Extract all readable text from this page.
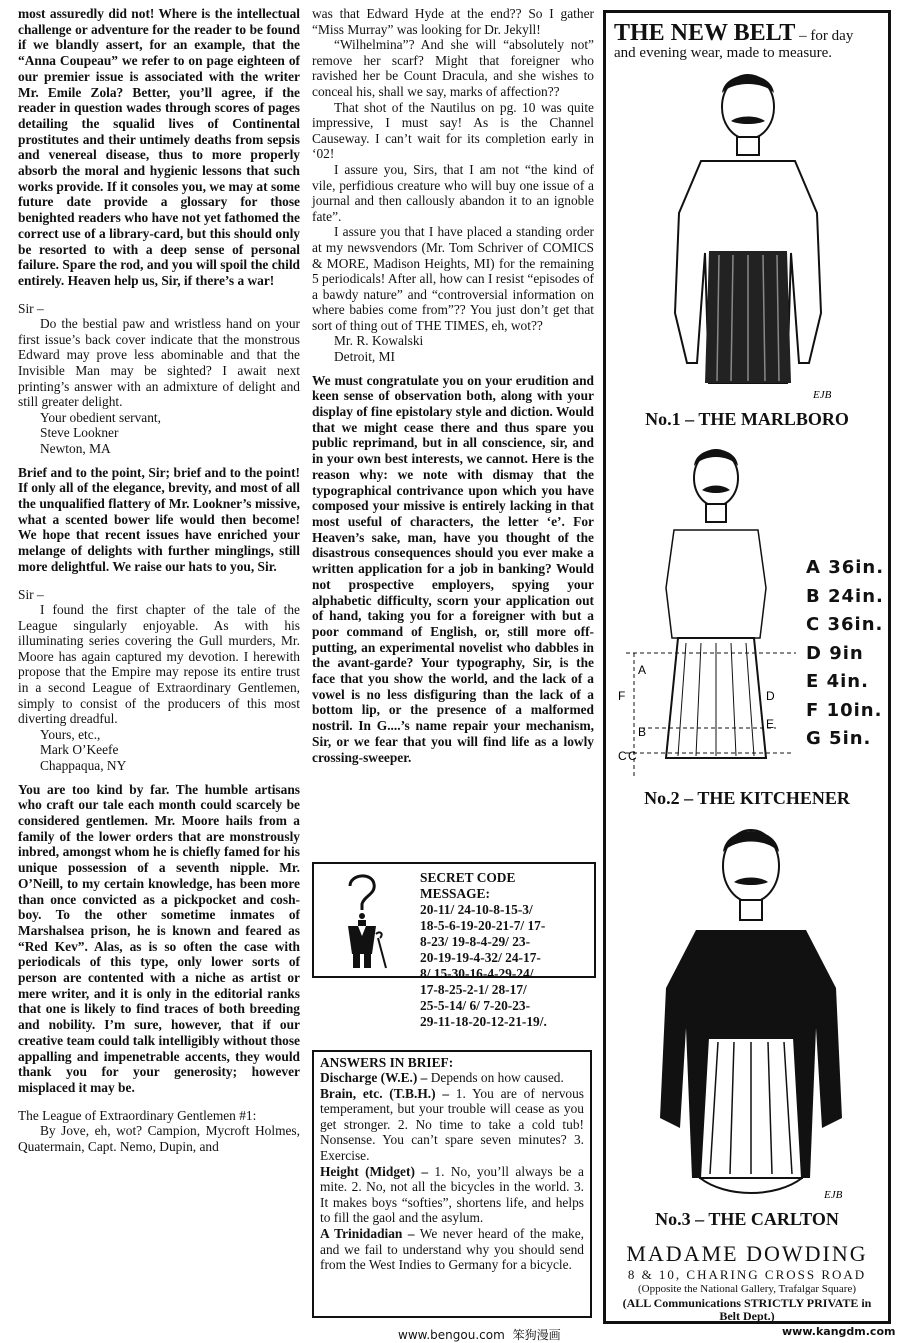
most assuredly did not! Where is the intellectual challenge or adventure for the reader to be found if we blandly assert, for an example, that the “Anna Coupeau” we refer to on page eighteen of our premier issue is associated with the writer Mr. Emile Zola? Better, you’ll agree, if the reader in question wades through scores of pages detailing the squalid lives of Continental prostitutes and their untimely deaths from sepsis and venereal disease, thus to more properly absorb the moral and hygienic lessons that such works provide. If it consoles you, we may at some future date provide a glossary for those benighted readers who have not yet fathomed the correct use of a library-card, but this should only be resorted to with a deep sense of personal failure. Spare the rod, and you will spoil the child entirely. Heaven help us, Sir, if there’s a war!

Sir –

Do the bestial paw and wristless hand on your first issue’s back cover indicate that the monstrous Edward may prove less abominable and that the Invisible Man may be sighted? I await next printing’s answer with an admixture of delight and still greater delight.

Your obedient servant,
Steve Lookner
Newton, MA

Brief and to the point, Sir; brief and to the point! If only all of the elegance, brevity, and most of all the unqualified flattery of Mr. Lookner’s missive, what a scented bower life would then become! We hope that recent issues have enriched your melange of delights with further minglings, still more delightful. We raise our hats to you, Sir.

Sir –

I found the first chapter of the tale of the League singularly enjoyable. As with his illuminating series covering the Gull murders, Mr. Moore has again captured my devotion. I herewith propose that the Empire may repose its entire trust in a second League of Extraordinary Gentlemen, simply to consist of the producers of this most diverting dreadful.

Yours, etc.,
Mark O’Keefe
Chappaqua, NY

You are too kind by far. The humble artisans who craft our tale each month could scarcely be considered gentlemen. Mr. Moore hails from a family of the lower orders that are monstrously inbred, amongst whom he is chiefly famed for his unique possession of a seventh nipple. Mr. O’Neill, to my certain knowledge, has been more than once convicted as a pickpocket and cosh-boy. To the other sometime inmates of Marshalsea prison, he is known and feared as “Red Kev”. Alas, as is so often the case with periodicals of this type, only lower sorts of person are contented with a niche as artist or mere writer, and it is only in the editorial ranks that one is likely to find traces of both breeding and nobility. I’m sure, however, that if our creative team could talk intelligibly without those appalling and impenetrable accents, they would thank you for your generosity; however misplaced it may be.

The League of Extraordinary Gentlemen #1:

By Jove, eh, wot? Campion, Mycroft Holmes, Quatermain, Capt. Nemo, Dupin, and

was that Edward Hyde at the end?? So I gather “Miss Murray” was looking for Dr. Jekyll!

“Wilhelmina”? And she will “absolutely not” remove her scarf? Might that foreigner who ravished her be Count Dracula, and she wishes to conceal his, shall we say, marks of affection??

That shot of the Nautilus on pg. 10 was quite impressive, I must say! As is the Channel Causeway. I can’t wait for its completion early in ‘02!

I assure you, Sirs, that I am not “the kind of vile, perfidious creature who will buy one issue of a journal and then callously abandon it to an ignoble fate”.

I assure you that I have placed a standing order at my newsvendors (Mr. Tom Schriver of COMICS & MORE, Madison Heights, MI) for the remaining 5 periodicals! After all, how can I resist “episodes of a bawdy nature” and “controversial information on where babies come from”?? You just don’t get that sort of thing out of THE TIMES, eh, wot??

Mr. R. Kowalski
Detroit, MI

We must congratulate you on your erudition and keen sense of observation both, along with your display of fine epistolary style and diction. Would that we might cease there and thus spare you public reprimand, but in all conscience, sir, and in your own best interests, we cannot. Here is the reason why: we note with dismay that the typographical contrivance upon which you have composed your missive is entirely lacking in that most useful of characters, the letter ‘e’. For Heaven’s sake, man, have you thought of the disastrous consequences should you ever make a written application for a job in banking? Would not prospective employers, spying your alphabetic difficulty, scorn your application out of hand, taking you for a foreigner with but a poor command of English, or, still more off-putting, an experimental novelist who dabbles in the avant-garde? Your typography, Sir, is the face that you show the world, and the lack of a vowel is no less disfiguring than the lack of a bottom lip, or the presence of a malformed nostril. In G....’s name repair your mechanism, Sir, or we fear that you will find life as a lowly crossing-sweeper.

SECRET CODE
MESSAGE:
20-11/ 24-10-8-15-3/
18-5-6-19-20-21-7/ 17-
8-23/ 19-8-4-29/ 23-
20-19-19-4-32/ 24-17-
8/ 15-30-16-4-29-24/
17-8-25-2-1/ 28-17/
25-5-14/ 6/ 7-20-23-
29-11-18-20-12-21-19/.
ANSWERS IN BRIEF:

Discharge (W.E.) – Depends on how caused.

Brain, etc. (T.B.H.) – 1. You are of nervous temperament, but your trouble will cease as you get stronger. 2. No time to take a cold tub! Nonsense. You can’t spare seven minutes? 3. Exercise.

Height (Midget) – 1. No, you’ll always be a mite. 2. No, not all the bicycles in the world. 3. It makes boys “softies”, shortens life, and helps to fill the gaol and the asylum.

A Trinidadian – We never heard of the make, and we fail to understand why you should send from the West Indies to Germany for a bicycle.

THE NEW BELT – for day
and evening wear, made to measure.
EJB
No.1 – THE MARLBORO
A
B
C
D
E
F
C
A 36in.
B 24in.
C 36in.
D 9in
E 4in.
F 10in.
G 5in.
No.2 – THE KITCHENER
EJB
No.3 – THE CARLTON
MADAME DOWDING
8 & 10, CHARING CROSS ROAD
(Opposite the National Gallery, Trafalgar Square)
(ALL Communications STRICTLY PRIVATE in Belt Dept.)
www.bengou.com 笨狗漫画	www.kangdm.com
